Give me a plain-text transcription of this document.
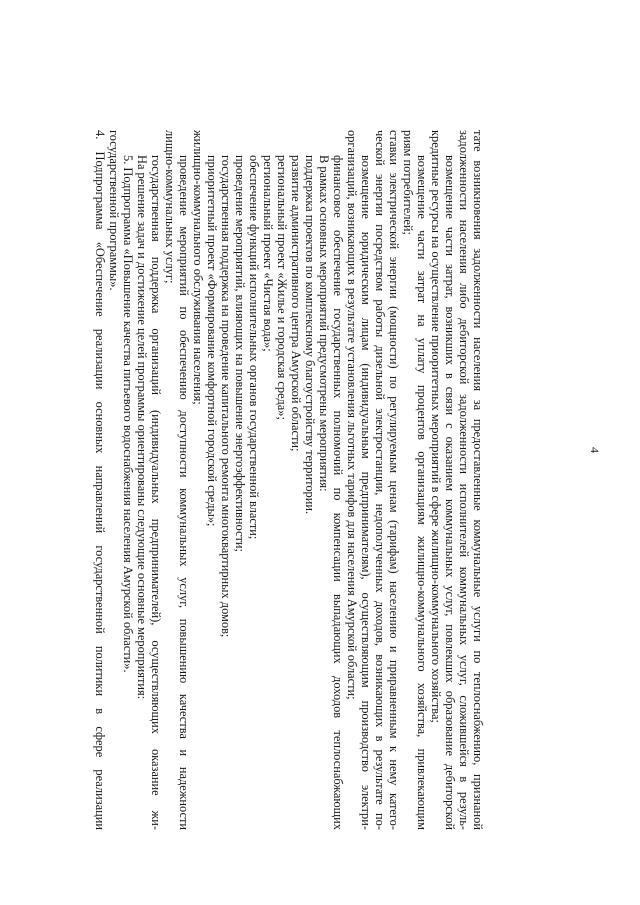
4
4. Подпрограмма «Обеспечение реализации основных направлений государственной политики в сфере реализации государственной программы». 5. Подпрограмма «Повышение качества питьевого водоснабжения населения Амурской области». На решение задач и достижение целей программы ориентированы следующие основные мероприятия: государственная поддержка организаций (индивидуальных предпринимателей), осуществляющих оказание жи- лищно-коммунальных услуг; проведение мероприятий по обеспечению доступности коммунальных услуг, повышению качества и надежности жилищно-коммунального обслуживания населения; приоритетный проект «Формирование комфортной городской среды»; государственная поддержка на проведение капитального ремонта многоквартирных домов; проведение мероприятий, влияющих на повышение энергоэффективности; обеспечение функций исполнительных органов государственной власти; региональный проект «Чистая вода»; региональный проект «Жилье и городская среда»; развитие административного центра Амурской области; поддержка проектов по комплексному благоустройству территории. В рамках основных мероприятий предусмотрены мероприятия: финансовое обеспечение государственных полномочий по компенсации выпадающих доходов теплоснабжающих организаций, возникающих в результате установления льготных тарифов для населения Амурской области; возмещение юридическим лицам (индивидуальным предпринимателям), осуществляющим производство электри- ческой энергии посредством работы дизельной электростанции, недополученных доходов, возникающих в результате по- ставки электрической энергии (мощности) по регулируемым ценам (тарифам) населению и приравненным к нему катего- риям потребителей; возмещение части затрат на уплату процентов организациям жилищно-коммунального хозяйства, привлекающим кредитные ресурсы на осуществление приоритетных мероприятий в сфере жилищно-коммунального хозяйства; возмещение части затрат, возникших в связи с оказанием коммунальных услуг, повлекших образование дебиторской задолженности населения либо дебиторской задолженности исполнителей коммунальных услуг, сложившейся в резуль- тате возникновения задолженности населения за предоставленные коммунальные услуги по теплоснабжению, признаной
